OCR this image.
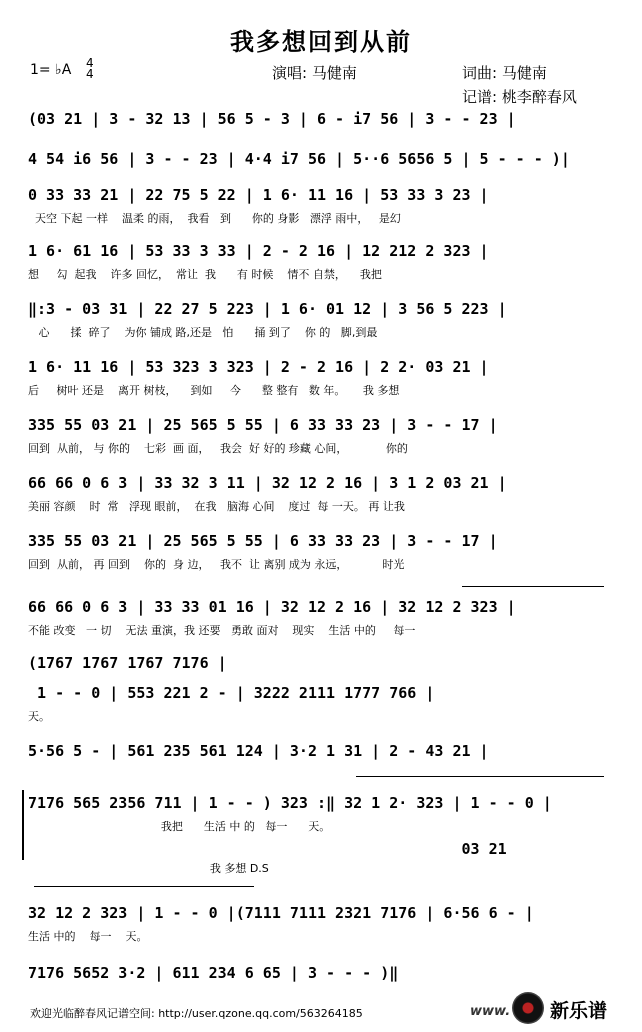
我多想回到从前
1= ♭A 4
4	演唱: 马健南	词曲: 马健南
记谱: 桃李醉春风
(03 21 | 3 - 32 13 | 56 5 - 3 | 6 - i7 56 | 3 - - 23 |
4 54 i6 56 | 3 - - 23 | 4·4 i7 56 | 5··6 5656 5 | 5 - - - )|
0 33 33 21 | 22 75 5 22 | 1 6· 11 16 | 53 33 3 23 |
天空 下起 一样    温柔 的雨，  我看   到      你的 身影   漂浮 雨中，   是幻
1 6· 61 16 | 53 33 3 33 | 2 - 2 16 | 12 212 2 323 |
想     勾  起我    许多 回忆，  常让  我      有 时候    情不 自禁，    我把
‖:3 - 03 31 | 22 27 5 223 | 1 6· 01 12 | 3 56 5 223 |
心      揉  碎了    为你 铺成 路,还是   怕      捅 到了    你 的   脚,到最
1 6· 11 16 | 53 323 3 323 | 2 - 2 16 | 2 2· 03 21 |
后     树叶 还是    离开 树枝，    到如     今      整 整有   数 年。     我 多想
335 55 03 21 | 25 565 5 55 | 6 33 33 23 | 3 - - 17 |
回到  从前， 与 你的    七彩  画 面，   我会  好 好的 珍藏 心间，           你的
66 66 0 6 3 | 33 32 3 11 | 32 12 2 16 | 3 1 2 03 21 |
美丽 容颜    时  常   浮现 眼前，  在我   脑海 心间    度过  每 一天。 再 让我
335 55 03 21 | 25 565 5 55 | 6 33 33 23 | 3 - - 17 |
回到  从前， 再 回到    你的  身 边，   我不  让 离别 成为 永远，          时光
66 66 0 6 3 | 33 33 01 16 | 32 12 2 16 | 32 12 2 323 |
不能 改变   一 切    无法 重演，我 还要   勇敢 面对    现实    生活 中的     每一
(1767 1767 1767 7176 |
1 - - 0 | 553 221 2 - | 3222 2111 1777 766 |
天。
5·56 5 - | 561 235 561 124 | 3·2 1 31 | 2 - 43 21 |
7176 565 2356 711 | 1 - - ) 323 :‖ 32 1 2· 323 | 1 - - 0 |
我把      生活 中 的   每一      天。
03 21
我 多想 D.S
32 12 2 323 | 1 - - 0 |(7111 7111 2321 7176 | 6·56 6 - |
生活 中的    每一    天。
7176 5652 3·2 | 611 234 6 65 | 3 - - - )‖
欢迎光临醉春风记谱空间: http://user.qzone.qq.com/563264185	www. 新乐谱
